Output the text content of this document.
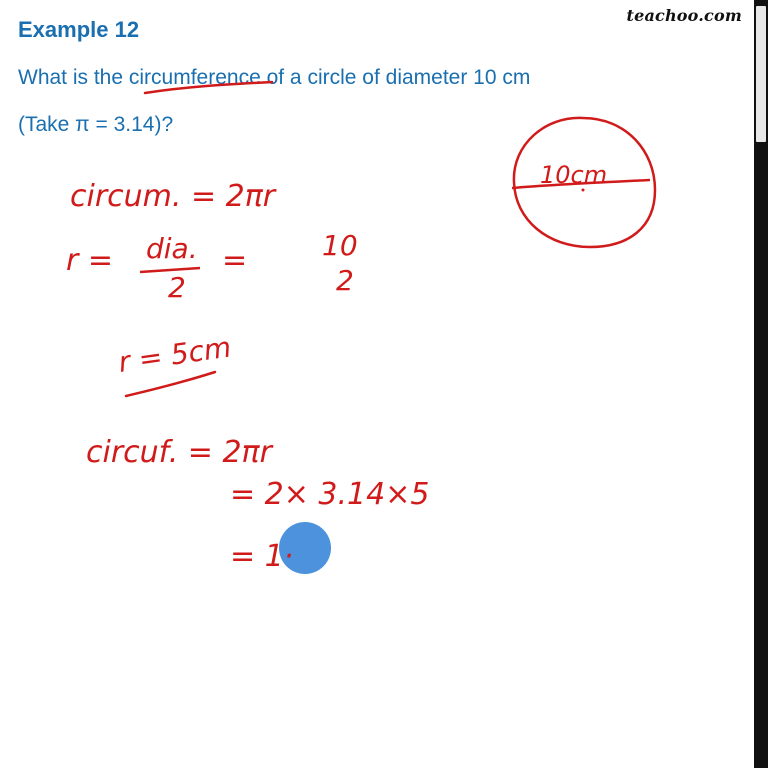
teachoo.com
Example 12
What is the circumference of a circle of diameter 10 cm
(Take π = 3.14)?
10cm
circum. = 2πr
r = dia.
2
=	10
2
r = 5cm
circuf. = 2πr
= 2× 3.14×5
= 1·
